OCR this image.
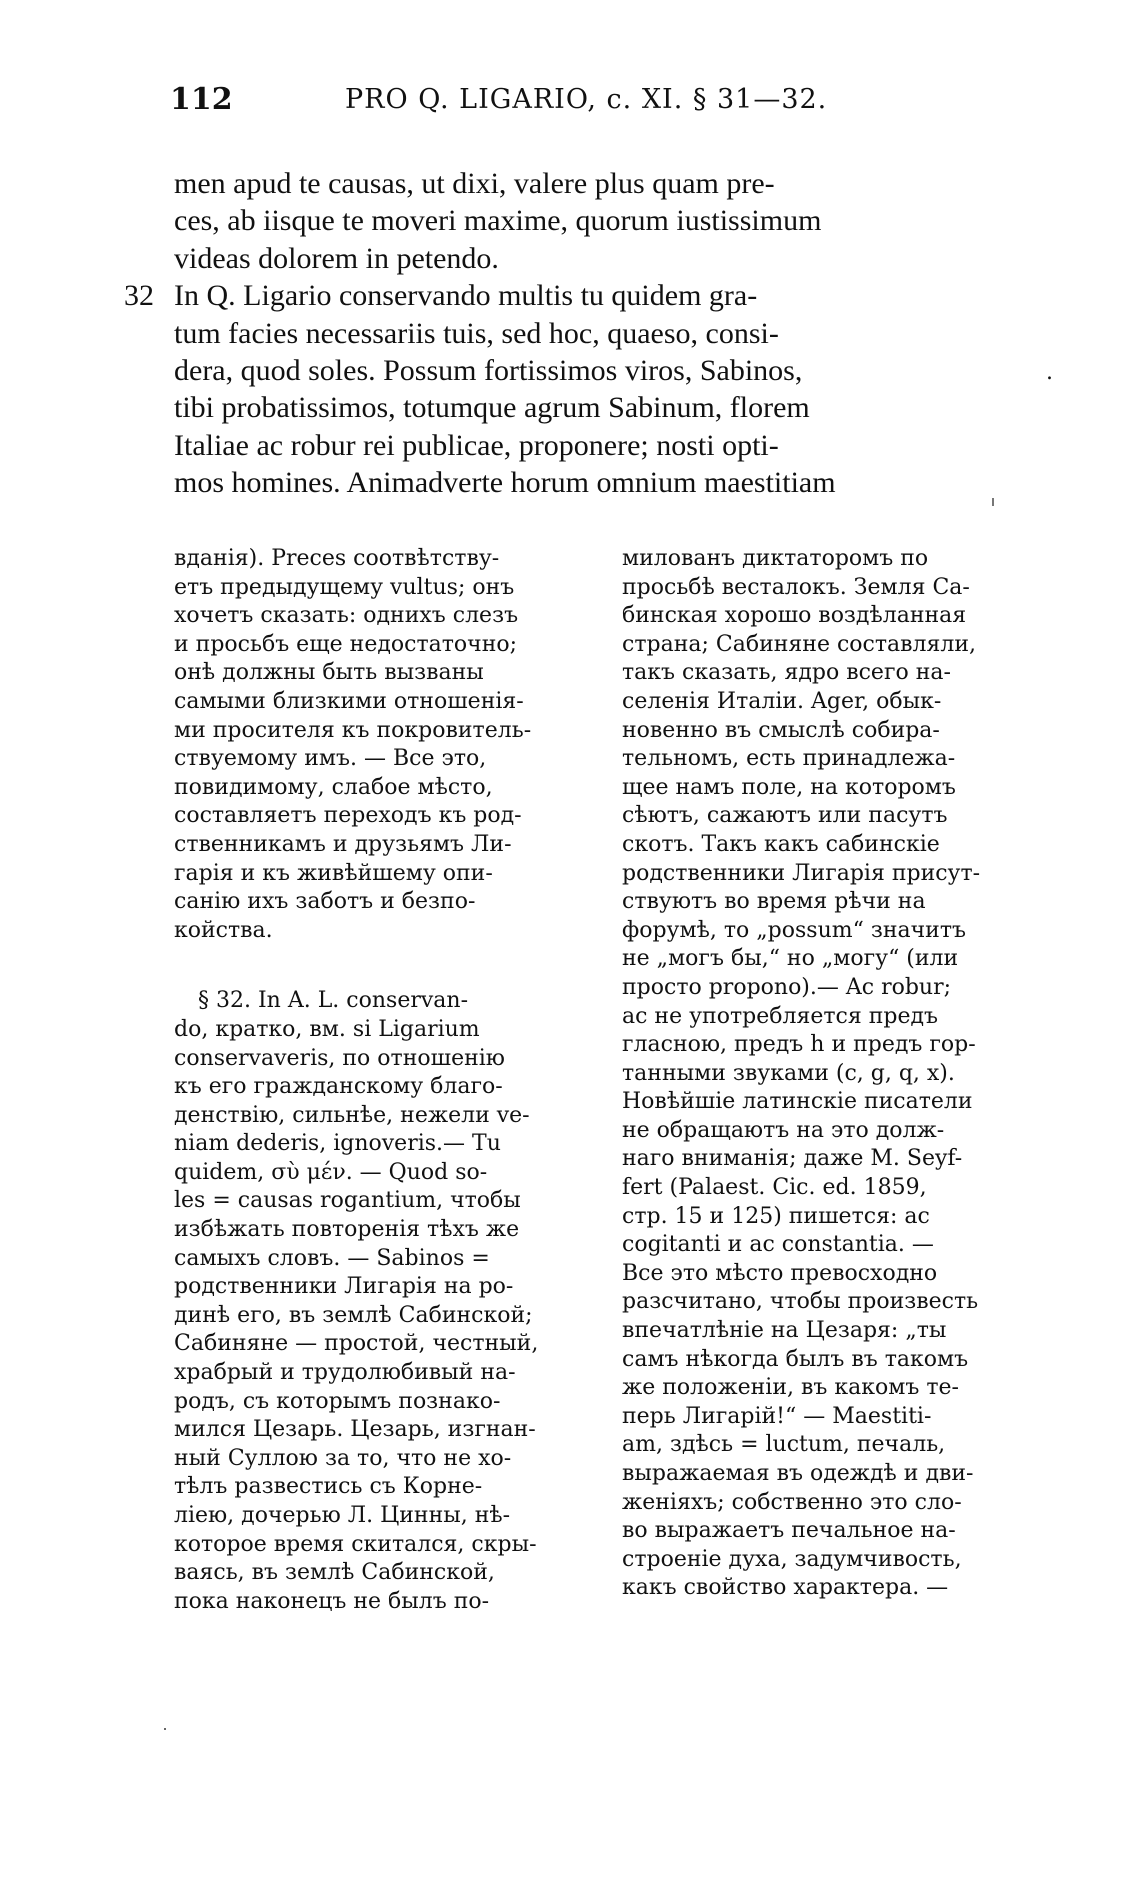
112	PRO Q. LIGARIO, c. XI. § 31—32.
32
.
men apud te causas, ut dixi, valere plus quam pre-
ces, ab iisque te moveri maxime, quorum iustissimum
videas dolorem in petendo.
In Q. Ligario conservando multis tu quidem gra-
tum facies necessariis tuis, sed hoc, quaeso, consi-
dera, quod soles. Possum fortissimos viros, Sabinos,
tibi probatissimos, totumque agrum Sabinum, florem
Italiae ac robur rei publicae, proponere; nosti opti-
mos homines. Animadverte horum omnium maestitiam
вданія). Preces соотвѣтству-
етъ предыдущему vultus; онъ
хочетъ сказать: однихъ слезъ
и просьбъ еще недостаточно;
онѣ должны быть вызваны
самыми близкими отношенія-
ми просителя къ покровитель-
ствуемому имъ. — Все это,
повидимому, слабое мѣсто,
составляетъ переходъ къ род-
ственникамъ и друзьямъ Ли-
гарія и къ живѣйшему опи-
санію ихъ заботъ и безпо-
койства.
§ 32. In A. L. conservan-
do, кратко, вм. si Ligarium
conservaveris, по отношенію
къ его гражданскому благо-
денствію, сильнѣе, нежели ve-
niam dederis, ignoveris.— Tu
quidem, σὺ μέν. — Quod so-
les = causas rogantium, чтобы
избѣжать повторенія тѣхъ же
самыхъ словъ. — Sabinos =
родственники Лигарія на ро-
динѣ его, въ землѣ Сабинской;
Сабиняне — простой, честный,
храбрый и трудолюбивый на-
родъ, съ которымъ познако-
мился Цезарь. Цезарь, изгнан-
ный Суллою за то, что не хо-
тѣлъ развестись съ Корне-
ліею, дочерью Л. Цинны, нѣ-
которое время скитался, скры-
ваясь, въ землѣ Сабинской,
пока наконецъ не былъ по-
милованъ диктаторомъ по
просьбѣ весталокъ. Земля Са-
бинская хорошо воздѣланная
страна; Сабиняне составляли,
такъ сказать, ядро всего на-
селенія Италіи. Ager, обык-
новенно въ смыслѣ собира-
тельномъ, есть принадлежа-
щее намъ поле, на которомъ
сѣютъ, сажаютъ или пасутъ
скотъ. Такъ какъ сабинскіе
родственники Лигарія присут-
ствуютъ во время рѣчи на
форумѣ, то „possum“ значитъ
не „могъ бы,“ но „могу“ (или
просто propono).— Ac robur;
ac не употребляется предъ
гласною, предъ h и предъ гор-
танными звуками (c, g, q, x).
Новѣйшіе латинскіе писатели
не обращаютъ на это долж-
наго вниманія; даже M. Seyf-
fert (Palaest. Cic. ed. 1859,
стр. 15 и 125) пишется: ac
cogitanti и ac constantia. —
Все это мѣсто превосходно
разсчитано, чтобы произвесть
впечатлѣніе на Цезаря: „ты
самъ нѣкогда былъ въ такомъ
же положеніи, въ какомъ те-
перь Лигарій!“ — Maestiti-
am, здѣсь = luctum, печаль,
выражаемая въ одеждѣ и дви-
женіяхъ; собственно это сло-
во выражаетъ печальное на-
строеніе духа, задумчивость,
какъ свойство характера. —
